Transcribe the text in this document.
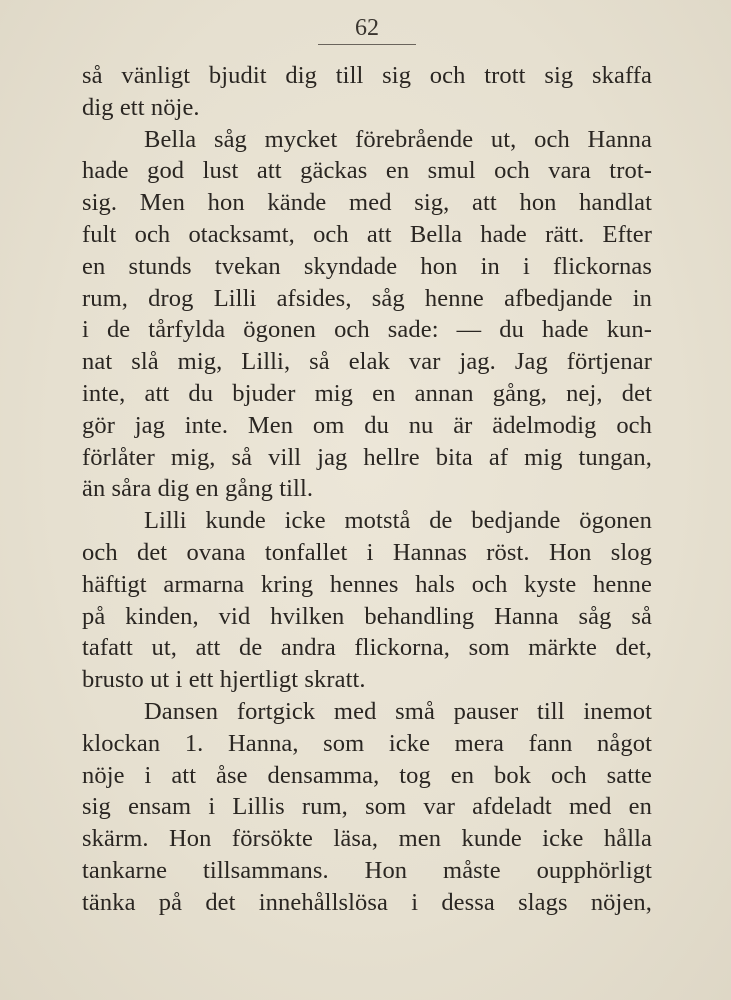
62
så vänligt bjudit dig till sig och trott sig skaffa
dig ett nöje.
Bella såg mycket förebrående ut, och Hanna
hade god lust att gäckas en smul och vara trot-
sig. Men hon kände med sig, att hon handlat
fult och otacksamt, och att Bella hade rätt. Efter
en stunds tvekan skyndade hon in i flickornas
rum, drog Lilli afsides, såg henne afbedjande in
i de tårfylda ögonen och sade: — du hade kun-
nat slå mig, Lilli, så elak var jag. Jag förtjenar
inte, att du bjuder mig en annan gång, nej, det
gör jag inte. Men om du nu är ädelmodig och
förlåter mig, så vill jag hellre bita af mig tungan,
än såra dig en gång till.
Lilli kunde icke motstå de bedjande ögonen
och det ovana tonfallet i Hannas röst. Hon slog
häftigt armarna kring hennes hals och kyste henne
på kinden, vid hvilken behandling Hanna såg så
tafatt ut, att de andra flickorna, som märkte det,
brusto ut i ett hjertligt skratt.
Dansen fortgick med små pauser till inemot
klockan 1. Hanna, som icke mera fann något
nöje i att åse densamma, tog en bok och satte
sig ensam i Lillis rum, som var afdeladt med en
skärm. Hon försökte läsa, men kunde icke hålla
tankarne tillsammans. Hon måste oupphörligt
tänka på det innehållslösa i dessa slags nöjen,
